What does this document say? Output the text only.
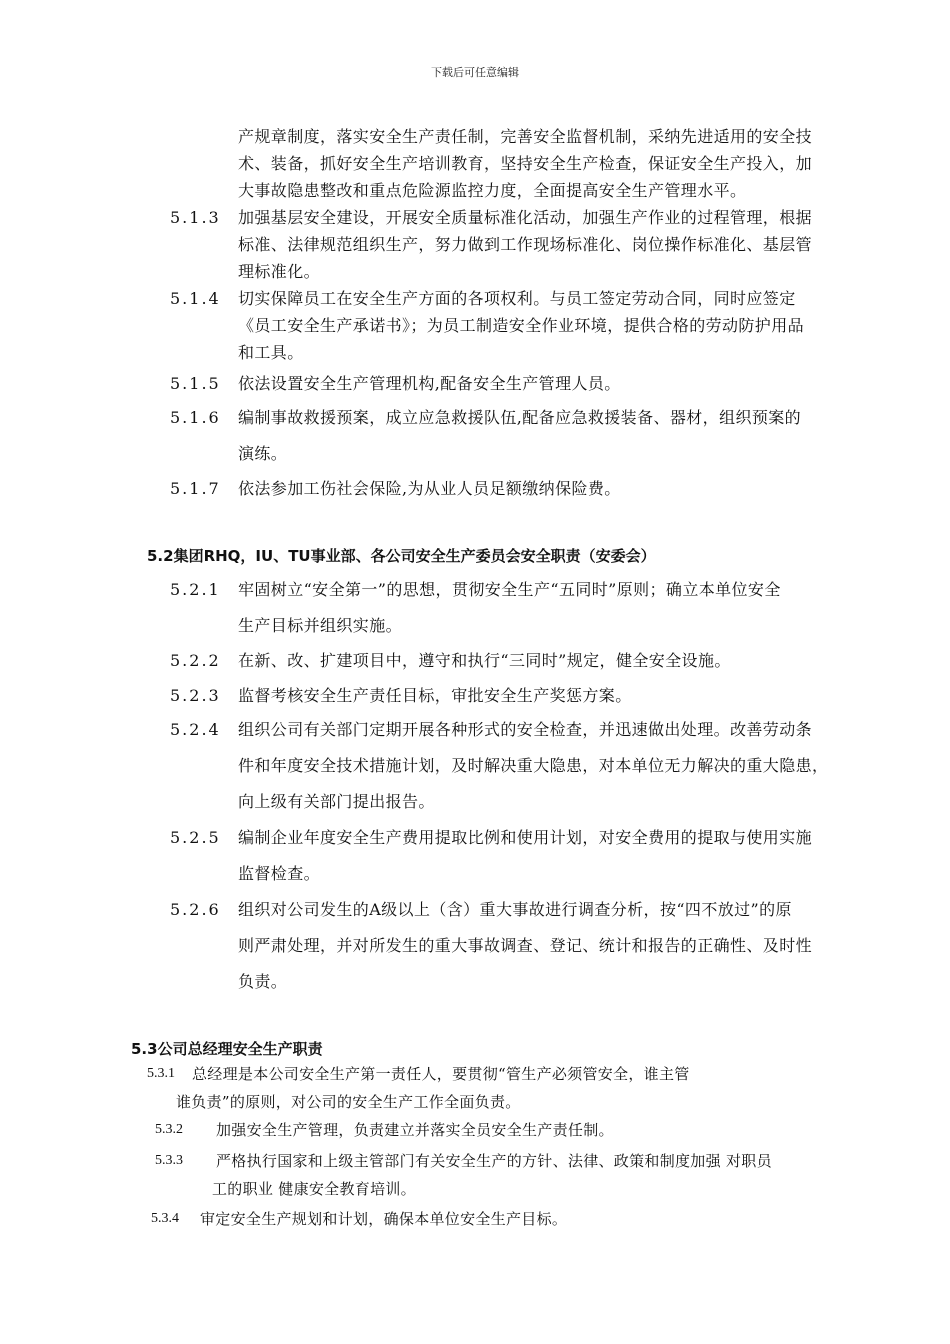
下载后可任意编辑
产规章制度，落实安全生产责任制，完善安全监督机制，采纳先进适用的安全技
术、装备，抓好安全生产培训教育，坚持安全生产检查，保证安全生产投入，加
大事故隐患整改和重点危险源监控力度，全面提高安全生产管理水平。
5.1.3 加强基层安全建设，开展安全质量标准化活动，加强生产作业的过程管理，根据
标准、法律规范组织生产，努力做到工作现场标准化、岗位操作标准化、基层管
理标准化。
5.1.4 切实保障员工在安全生产方面的各项权利。与员工签定劳动合同，同时应签定
《员工安全生产承诺书》；为员工制造安全作业环境，提供合格的劳动防护用品
和工具。
5.1.5 依法设置安全生产管理机构,配备安全生产管理人员。
5.1.6 编制事故救援预案，成立应急救援队伍,配备应急救援装备、器材，组织预案的
演练。
5.1.7 依法参加工伤社会保险,为从业人员足额缴纳保险费。
5.2集团RHQ，IU、TU事业部、各公司安全生产委员会安全职责（安委会）
5.2.1 牢固树立“安全第一”的思想，贯彻安全生产“五同时”原则；确立本单位安全
生产目标并组织实施。
5.2.2 在新、改、扩建项目中，遵守和执行“三同时”规定，健全安全设施。
5.2.3 监督考核安全生产责任目标，审批安全生产奖惩方案。
5.2.4 组织公司有关部门定期开展各种形式的安全检查，并迅速做出处理。改善劳动条
件和年度安全技术措施计划，及时解决重大隐患，对本单位无力解决的重大隐患，
向上级有关部门提出报告。
5.2.5 编制企业年度安全生产费用提取比例和使用计划，对安全费用的提取与使用实施
监督检查。
5.2.6 组织对公司发生的A级以上（含）重大事故进行调查分析，按“四不放过”的原
则严肃处理，并对所发生的重大事故调查、登记、统计和报告的正确性、及时性
负责。
5.3公司总经理安全生产职责
5.3.1 总经理是本公司安全生产第一责任人，要贯彻“管生产必须管安全，谁主管
谁负责”的原则，对公司的安全生产工作全面负责。
5.3.2 加强安全生产管理，负责建立并落实全员安全生产责任制。
5.3.3 严格执行国家和上级主管部门有关安全生产的方针、法律、政策和制度加强 对职员
工的职业 健康安全教育培训。
5.3.4 审定安全生产规划和计划，确保本单位安全生产目标。
